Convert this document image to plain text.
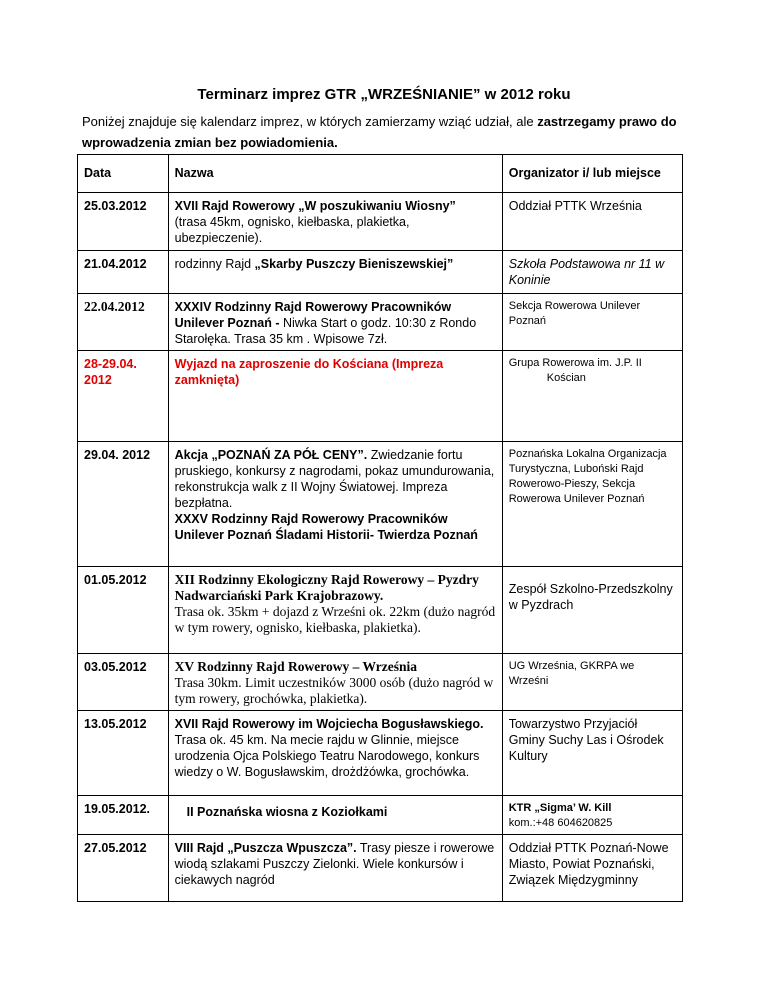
Terminarz imprez GTR „WRZEŚNIANIE” w 2012 roku
Poniżej znajduje się kalendarz imprez, w których zamierzamy wziąć udział, ale zastrzegamy prawo do wprowadzenia zmian bez powiadomienia.
Data	Nazwa	Organizator i/ lub miejsce
25.03.2012	XVII Rajd Rowerowy „W poszukiwaniu Wiosny”
(trasa 45km, ognisko, kiełbaska, plakietka, ubezpieczenie).	Oddział PTTK Września
21.04.2012	rodzinny Rajd „Skarby Puszczy Bieniszewskiej”	Szkoła Podstawowa nr 11 w Koninie
22.04.2012	XXXIV Rodzinny Rajd Rowerowy Pracowników Unilever Poznań - Niwka Start o godz. 10:30 z Rondo Starołęka. Trasa 35 km . Wpisowe 7zł.	Sekcja Rowerowa Unilever Poznań
28-29.04. 2012	Wyjazd na zaproszenie do Kościana (Impreza zamknięta)	Grupa Rowerowa im. J.P. II
Kościan

29.04. 2012	Akcja „POZNAŃ ZA PÓŁ CENY”. Zwiedzanie fortu pruskiego, konkursy z nagrodami, pokaz umundurowania, rekonstrukcja walk z II Wojny Światowej. Impreza bezpłatna.
XXXV Rodzinny Rajd Rowerowy Pracowników Unilever Poznań Śladami Historii- Twierdza Poznań	Poznańska Lokalna Organizacja Turystyczna, Luboński Rajd Rowerowo-Pieszy, Sekcja Rowerowa Unilever Poznań
01.05.2012	XII Rodzinny Ekologiczny Rajd Rowerowy – Pyzdry Nadwarciański Park Krajobrazowy.
Trasa ok. 35km + dojazd z Wrześni ok. 22km (dużo nagród w tym rowery, ognisko, kiełbaska, plakietka).	Zespół Szkolno-Przedszkolny w Pyzdrach
03.05.2012	XV Rodzinny Rajd Rowerowy – Września
Trasa 30km. Limit uczestników 3000 osób (dużo nagród w tym rowery, grochówka, plakietka).	UG Września, GKRPA we Wrześni
13.05.2012	XVII Rajd Rowerowy im Wojciecha Bogusławskiego. Trasa ok. 45 km. Na mecie rajdu w Glinnie, miejsce urodzenia Ojca Polskiego Teatru Narodowego, konkurs wiedzy o W. Bogusławskim, drożdżówka, grochówka.	Towarzystwo Przyjaciół Gminy Suchy Las i Ośrodek Kultury
19.05.2012.	II Poznańska wiosna z Koziołkami	KTR „Sigma’ W. Kill
kom.:+48 604620825

27.05.2012	VIII Rajd „Puszcza Wpuszcza”. Trasy piesze i rowerowe wiodą szlakami Puszczy Zielonki. Wiele konkursów i ciekawych nagród	Oddział PTTK Poznań-Nowe Miasto, Powiat Poznański, Związek Międzygminny
